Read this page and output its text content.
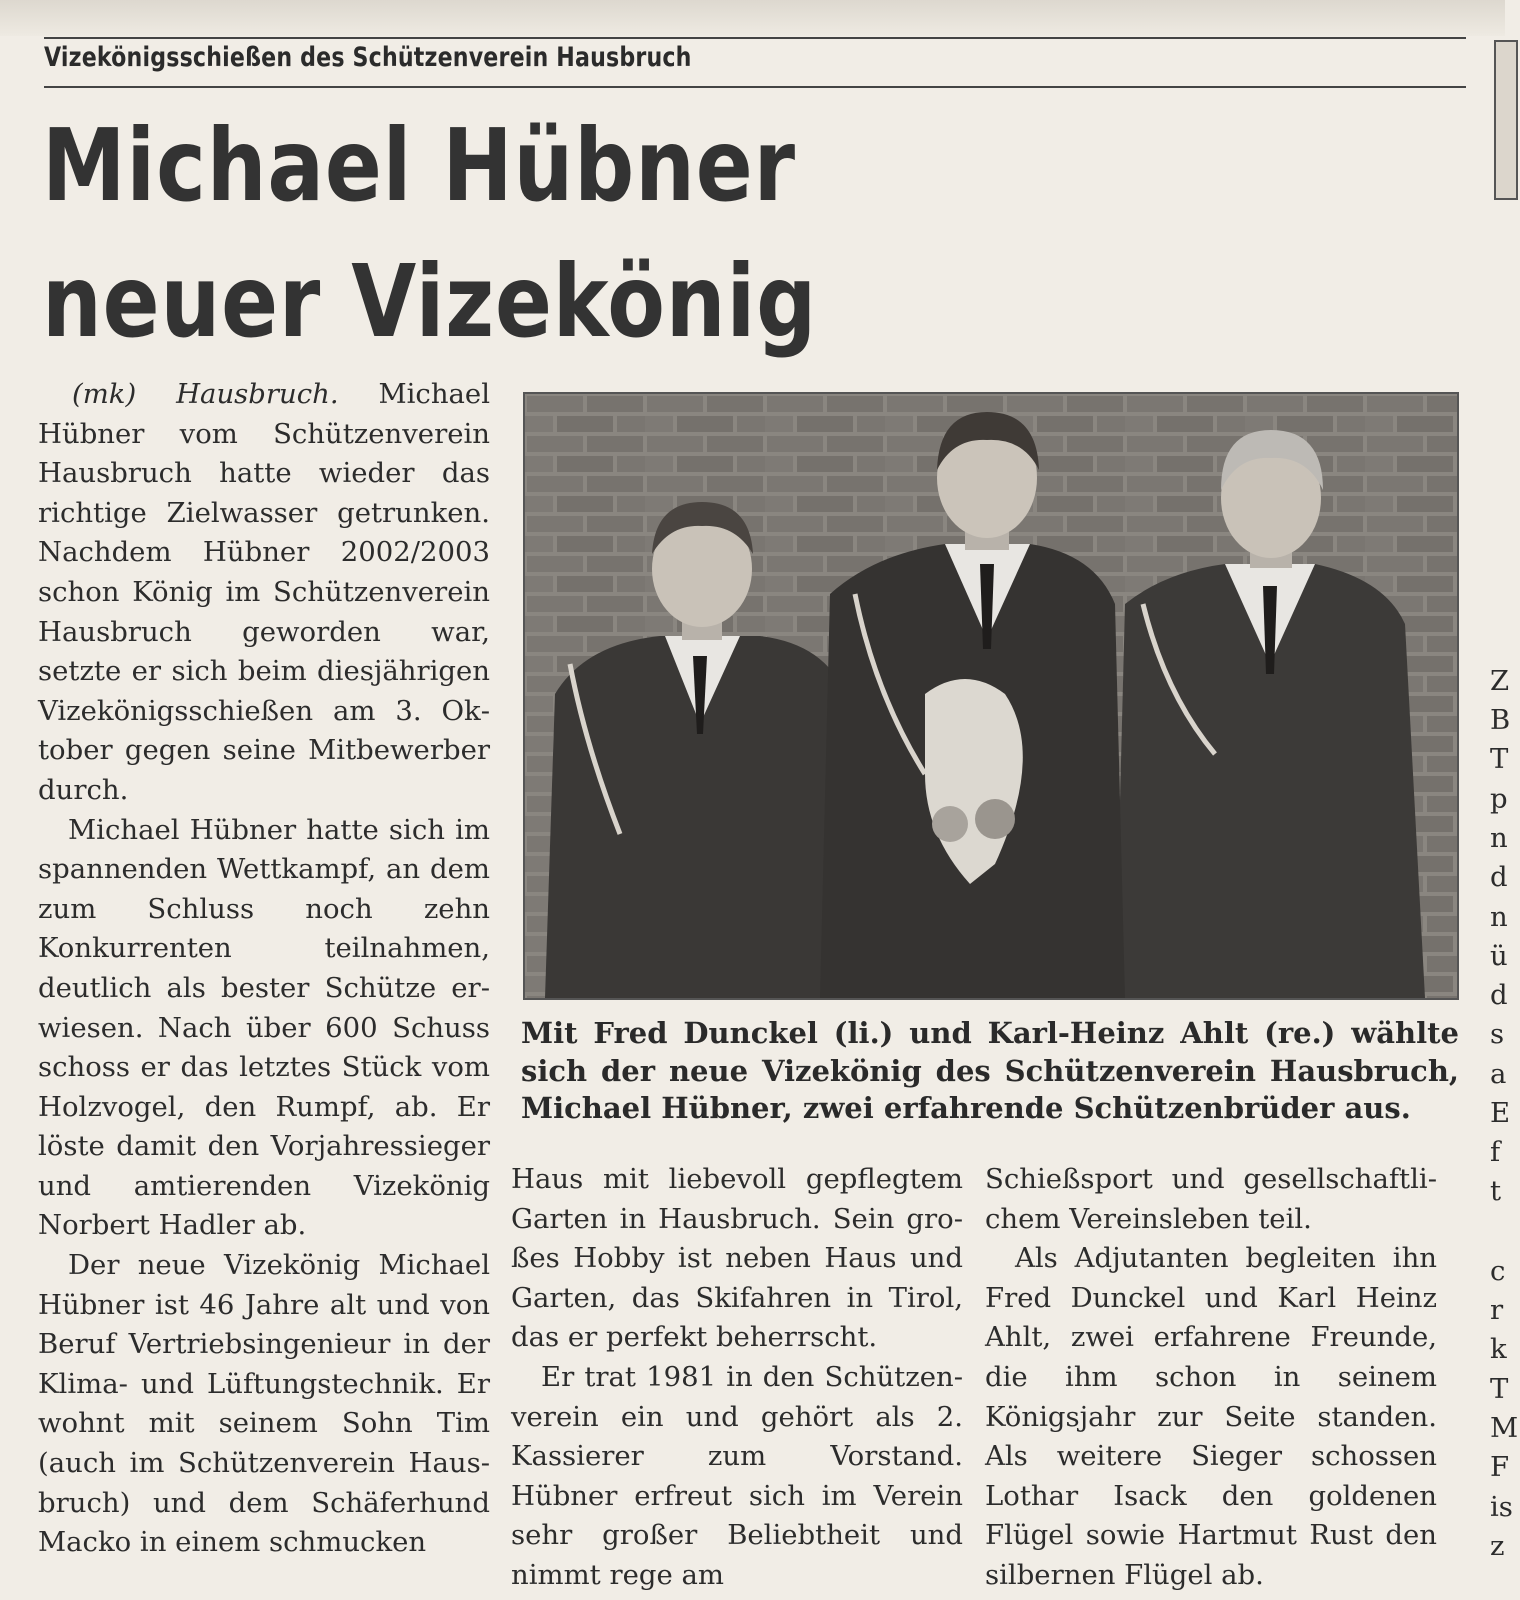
Vizekönigsschießen des Schützenverein Hausbruch
Michael Hübner
neuer Vizekönig

(mk) Hausbruch. Michael Hübner vom Schützenverein Hausbruch hatte wieder das richtige Zielwasser getrunken. Nachdem Hübner 2002/2003 schon König im Schützenverein Hausbruch geworden war, setzte er sich beim diesjährigen Vizekönigsschießen am 3. Oktober gegen seine Mitbewerber durch.

Michael Hübner hatte sich im spannenden Wettkampf, an dem zum Schluss noch zehn Konkurrenten teilnahmen, deutlich als bester Schütze erwiesen. Nach über 600 Schuss schoss er das letztes Stück vom Holzvogel, den Rumpf, ab. Er löste damit den Vorjahressieger und amtierenden Vizekönig Norbert Hadler ab.

Der neue Vizekönig Michael Hübner ist 46 Jahre alt und von Beruf Vertriebsingenieur in der Klima- und Lüftungstechnik. Er wohnt mit seinem Sohn Tim (auch im Schützenverein Hausbruch) und dem Schäferhund Macko in einem schmucken

Mit Fred Dunckel (li.) und Karl-Heinz Ahlt (re.) wählte sich der neue Vizekönig des Schützenverein Hausbruch, Michael Hübner, zwei erfahrende Schützenbrüder aus.

Haus mit liebevoll gepflegtem Garten in Hausbruch. Sein großes Hobby ist neben Haus und Garten, das Skifahren in Tirol, das er perfekt beherrscht.

Er trat 1981 in den Schützenverein ein und gehört als 2. Kassierer zum Vorstand. Hübner erfreut sich im Verein sehr großer Beliebtheit und nimmt rege am

Schießsport und gesellschaftlichem Vereinsleben teil.

Als Adjutanten begleiten ihn Fred Dunckel und Karl Heinz Ahlt, zwei erfahrene Freunde, die ihm schon in seinem Königsjahr zur Seite standen. Als weitere Sieger schossen Lothar Isack den goldenen Flügel sowie Hartmut Rust den silbernen Flügel ab.

Z
B
T
p
n
d
n
ü
d
s
a
E
f
t
c
r
k
T
M
F
is
z
